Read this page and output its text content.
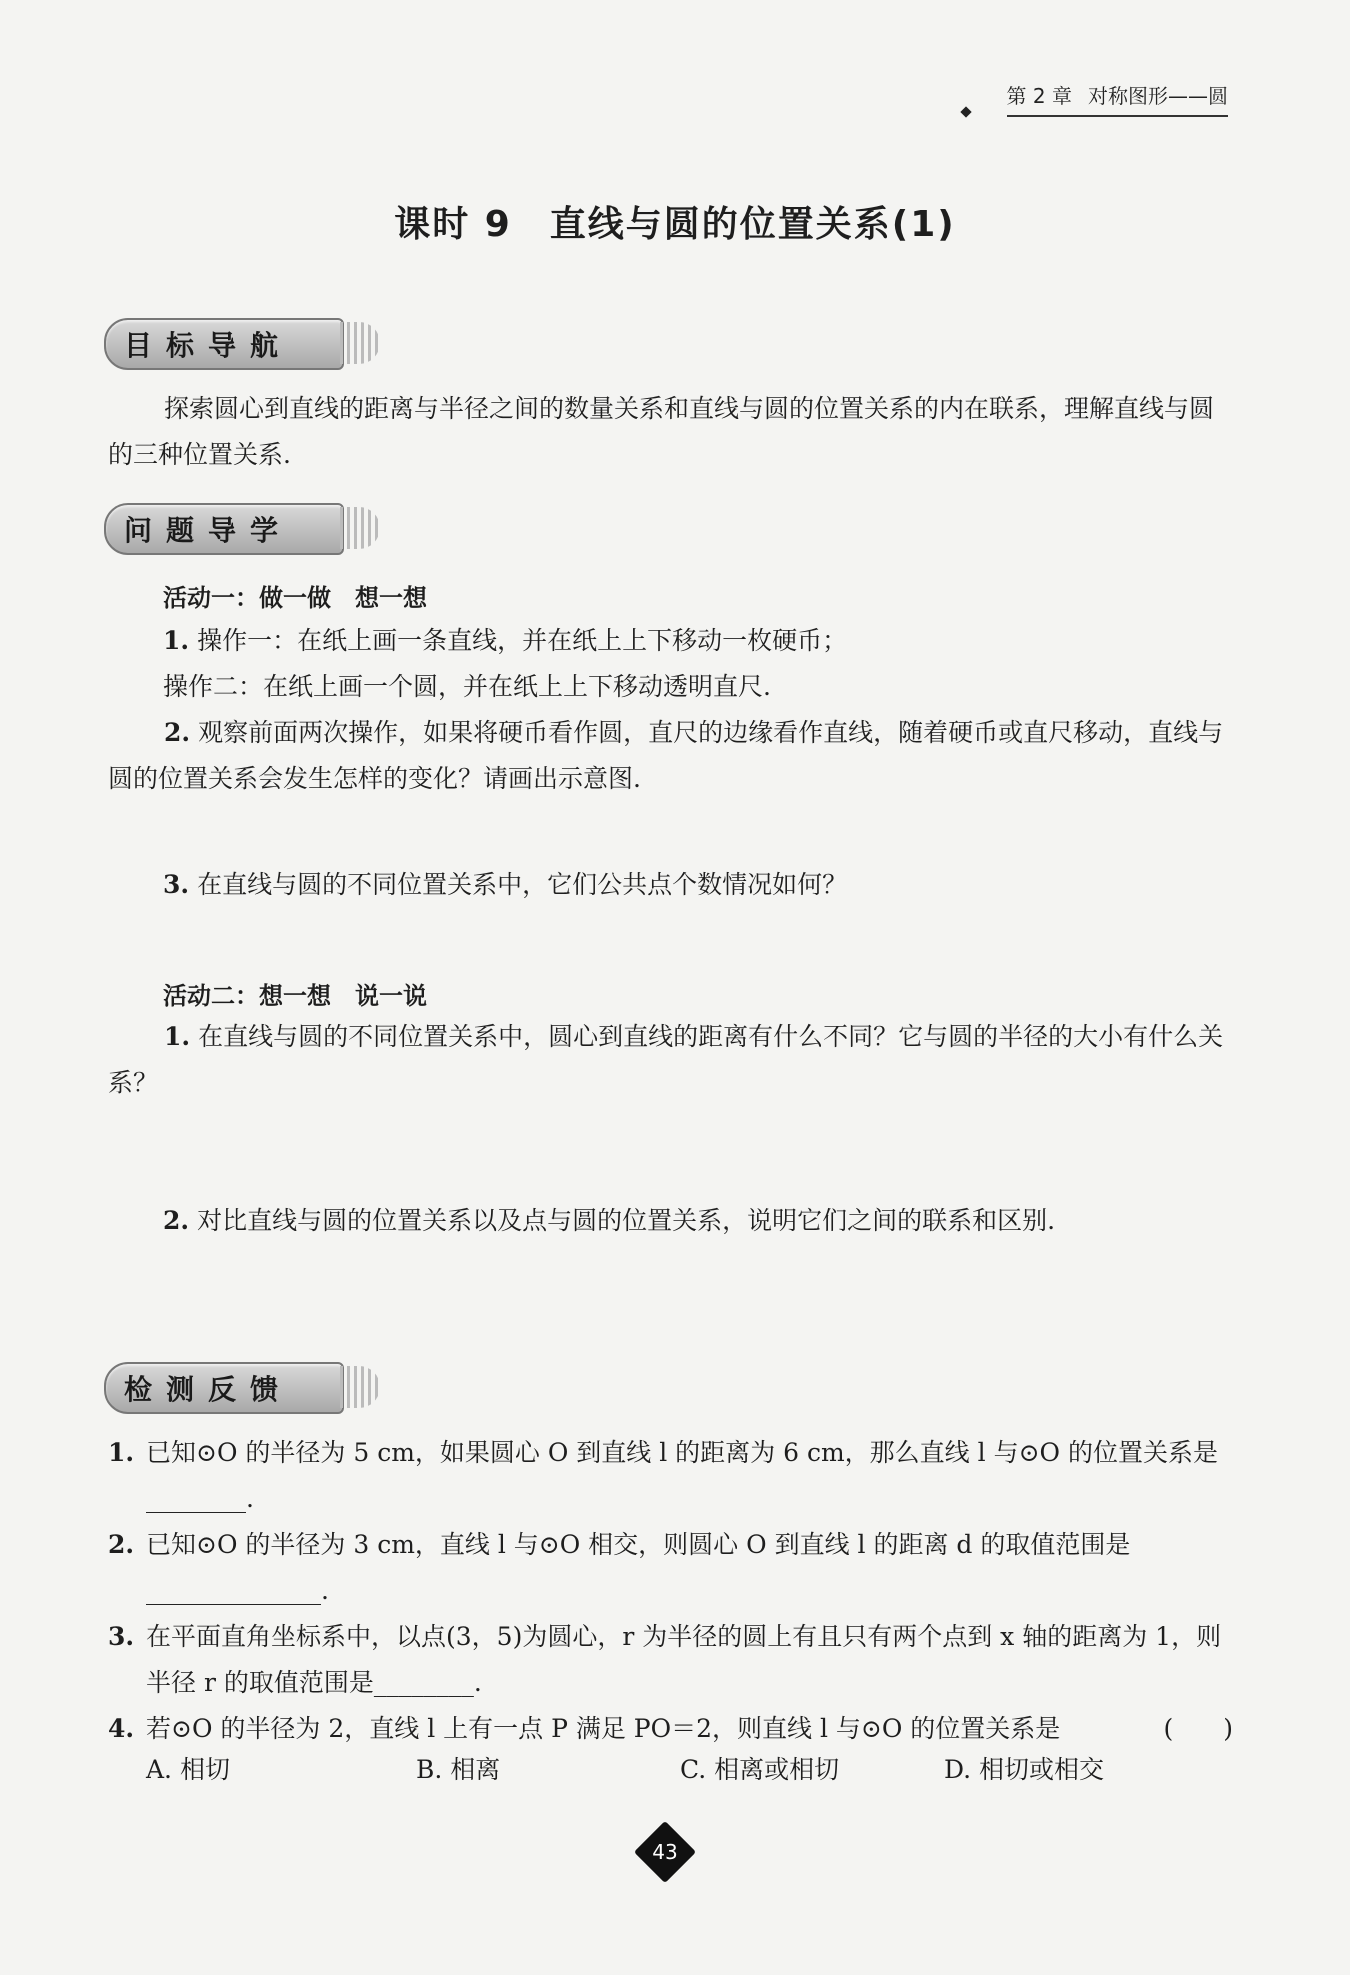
第 2 章 对称图形——圆
课时 9　直线与圆的位置关系(1)
目标导航
探索圆心到直线的距离与半径之间的数量关系和直线与圆的位置关系的内在联系，理解直线与圆的三种位置关系.
问题导学
活动一：做一做　想一想
1. 操作一：在纸上画一条直线，并在纸上上下移动一枚硬币；
操作二：在纸上画一个圆，并在纸上上下移动透明直尺.
2. 观察前面两次操作，如果将硬币看作圆，直尺的边缘看作直线，随着硬币或直尺移动，直线与圆的位置关系会发生怎样的变化？请画出示意图.
3. 在直线与圆的不同位置关系中，它们公共点个数情况如何？
活动二：想一想　说一说
1. 在直线与圆的不同位置关系中，圆心到直线的距离有什么不同？它与圆的半径的大小有什么关系？
2. 对比直线与圆的位置关系以及点与圆的位置关系，说明它们之间的联系和区别.
检测反馈
1. 已知⊙O 的半径为 5 cm，如果圆心 O 到直线 l 的距离为 6 cm，那么直线 l 与⊙O 的位置关系是________.
2. 已知⊙O 的半径为 3 cm，直线 l 与⊙O 相交，则圆心 O 到直线 l 的距离 d 的取值范围是______________.
3. 在平面直角坐标系中，以点(3，5)为圆心，r 为半径的圆上有且只有两个点到 x 轴的距离为 1，则半径 r 的取值范围是________.
4.	(　　)
若⊙O 的半径为 2，直线 l 上有一点 P 满足 PO＝2，则直线 l 与⊙O 的位置关系是
A. 相切	B. 相离	C. 相离或相切	D. 相切或相交
43
